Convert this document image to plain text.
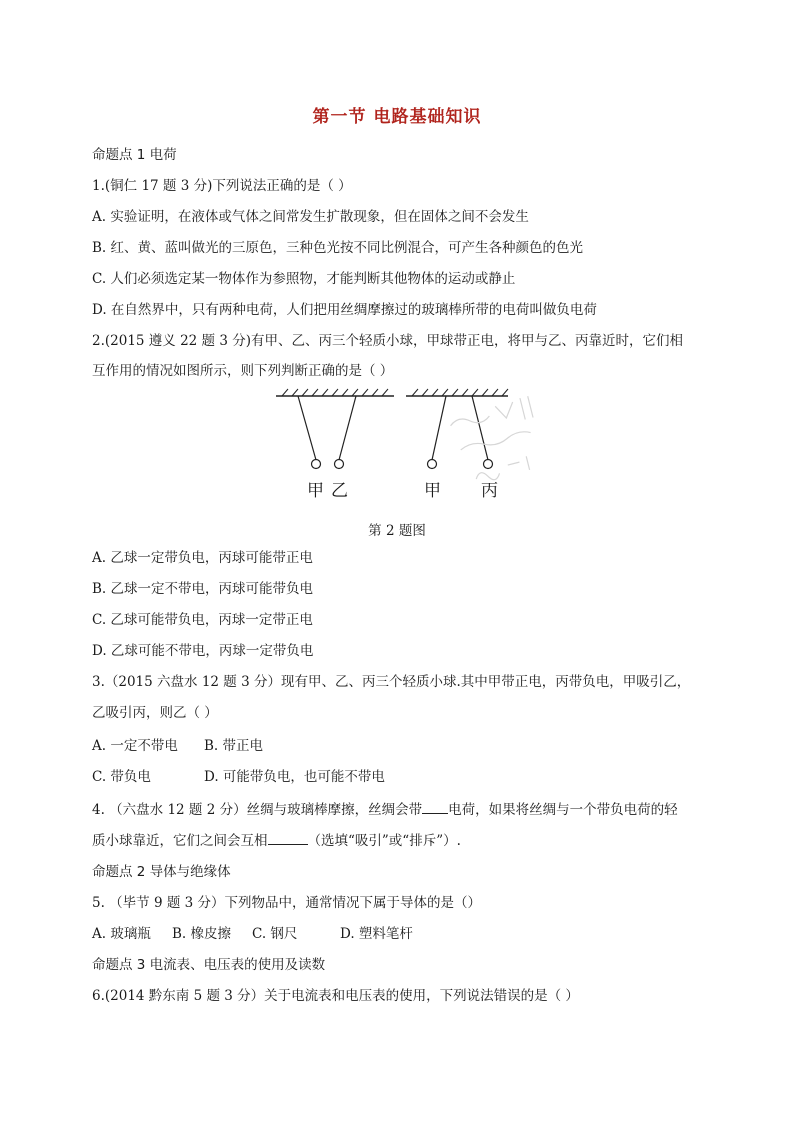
第一节 电路基础知识
命题点 1 电荷
1.(铜仁 17 题 3 分)下列说法正确的是（ ）
A. 实验证明，在液体或气体之间常发生扩散现象，但在固体之间不会发生
B. 红、黄、蓝叫做光的三原色，三种色光按不同比例混合，可产生各种颜色的色光
C. 人们必须选定某一物体作为参照物，才能判断其他物体的运动或静止
D. 在自然界中，只有两种电荷，人们把用丝绸摩擦过的玻璃棒所带的电荷叫做负电荷
2.(2015 遵义 22 题 3 分)有甲、乙、丙三个轻质小球，甲球带正电，将甲与乙、丙靠近时，它们相
互作用的情况如图所示，则下列判断正确的是（ ）
甲 乙	甲 丙
第 2 题图
A. 乙球一定带负电，丙球可能带正电
B. 乙球一定不带电，丙球可能带负电
C. 乙球可能带负电，丙球一定带正电
D. 乙球可能不带电，丙球一定带负电
3.（2015 六盘水 12 题 3 分）现有甲、乙、丙三个轻质小球.其中甲带正电，丙带负电，甲吸引乙，
乙吸引丙，则乙（ ）
A. 一定不带电 B. 带正电
C. 带负电	D. 可能带负电，也可能不带电
4. （六盘水 12 题 2 分）丝绸与玻璃棒摩擦，丝绸会带 电荷，如果将丝绸与一个带负电荷的轻
质小球靠近，它们之间会互相	（选填“吸引”或“排斥”）.
命题点 2 导体与绝缘体
5. （毕节 9 题 3 分）下列物品中，通常情况下属于导体的是（）
A. 玻璃瓶 B. 橡皮擦 C. 钢尺	D. 塑料笔杆
命题点 3 电流表、电压表的使用及读数
6.(2014 黔东南 5 题 3 分）关于电流表和电压表的使用，下列说法错误的是（ ）
